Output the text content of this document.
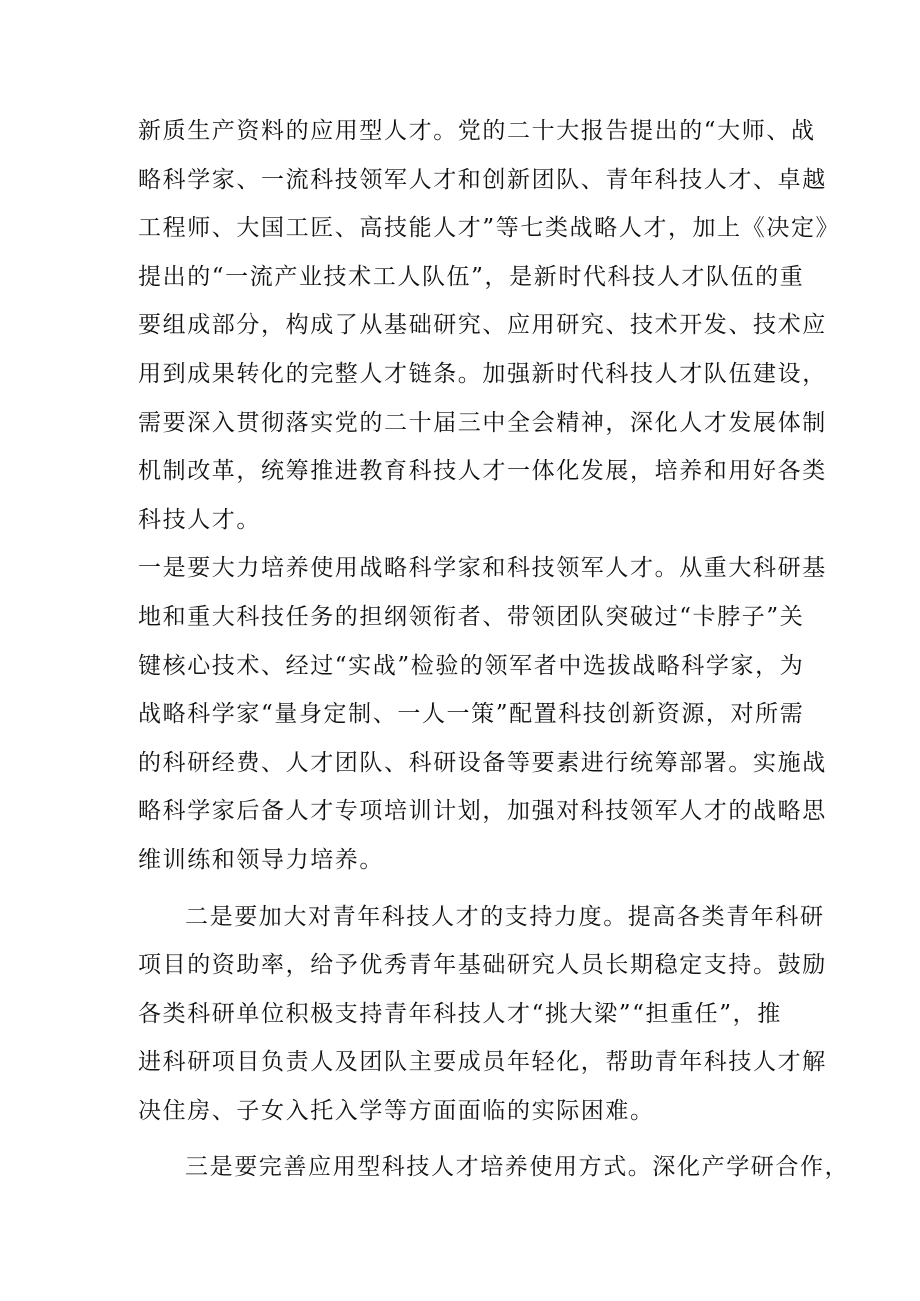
新质生产资料的应用型人才。党的二十大报告提出的“大师、战
略科学家、一流科技领军人才和创新团队、青年科技人才、卓越
工程师、大国工匠、高技能人才”等七类战略人才，加上《决定》
提出的“一流产业技术工人队伍”，是新时代科技人才队伍的重
要组成部分，构成了从基础研究、应用研究、技术开发、技术应
用到成果转化的完整人才链条。加强新时代科技人才队伍建设，
需要深入贯彻落实党的二十届三中全会精神，深化人才发展体制
机制改革，统筹推进教育科技人才一体化发展，培养和用好各类
科技人才。
一是要大力培养使用战略科学家和科技领军人才。从重大科研基
地和重大科技任务的担纲领衔者、带领团队突破过“卡脖子”关
键核心技术、经过“实战”检验的领军者中选拔战略科学家，为
战略科学家“量身定制、一人一策”配置科技创新资源，对所需
的科研经费、人才团队、科研设备等要素进行统筹部署。实施战
略科学家后备人才专项培训计划，加强对科技领军人才的战略思
维训练和领导力培养。
二是要加大对青年科技人才的支持力度。提高各类青年科研
项目的资助率，给予优秀青年基础研究人员长期稳定支持。鼓励
各类科研单位积极支持青年科技人才“挑大梁”“担重任”，推
进科研项目负责人及团队主要成员年轻化，帮助青年科技人才解
决住房、子女入托入学等方面面临的实际困难。
三是要完善应用型科技人才培养使用方式。深化产学研合作，
